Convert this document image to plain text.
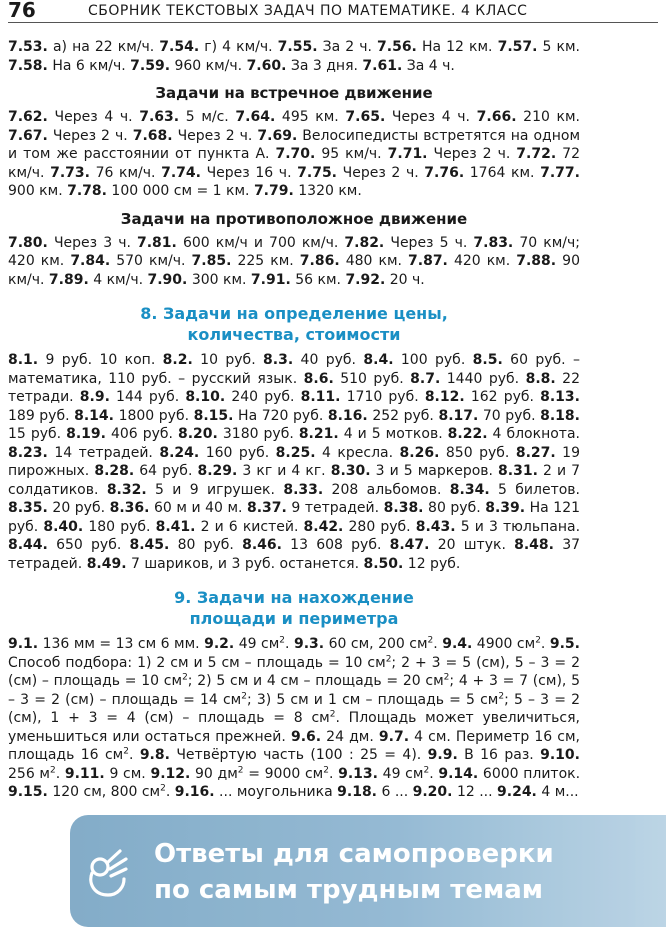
76	СБОРНИК ТЕКСТОВЫХ ЗАДАЧ ПО МАТЕМАТИКЕ. 4 КЛАСС

7.53. а) на 22 км/ч. 7.54. г) 4 км/ч. 7.55. За 2 ч. 7.56. На 12 км. 7.57. 5 км. 7.58. На 6 км/ч. 7.59. 960 км/ч. 7.60. За 3 дня. 7.61. За 4 ч.

Задачи на встречное движение

7.62. Через 4 ч. 7.63. 5 м/с. 7.64. 495 км. 7.65. Через 4 ч. 7.66. 210 км. 7.67. Через 2 ч. 7.68. Через 2 ч. 7.69. Велосипедисты встретятся на одном и том же расстоянии от пункта А. 7.70. 95 км/ч. 7.71. Через 2 ч. 7.72. 72 км/ч. 7.73. 76 км/ч. 7.74. Через 16 ч. 7.75. Через 2 ч. 7.76. 1764 км. 7.77. 900 км. 7.78. 100 000 см = 1 км. 7.79. 1320 км.

Задачи на противоположное движение

7.80. Через 3 ч. 7.81. 600 км/ч и 700 км/ч. 7.82. Через 5 ч. 7.83. 70 км/ч; 420 км. 7.84. 570 км/ч. 7.85. 225 км. 7.86. 480 км. 7.87. 420 км. 7.88. 90 км/ч. 7.89. 4 км/ч. 7.90. 300 км. 7.91. 56 км. 7.92. 20 ч.

8. Задачи на определение цены,
количества, стоимости

8.1. 9 руб. 10 коп. 8.2. 10 руб. 8.3. 40 руб. 8.4. 100 руб. 8.5. 60 руб. – математика, 110 руб. – русский язык. 8.6. 510 руб. 8.7. 1440 руб. 8.8. 22 тетради. 8.9. 144 руб. 8.10. 240 руб. 8.11. 1710 руб. 8.12. 162 руб. 8.13. 189 руб. 8.14. 1800 руб. 8.15. На 720 руб. 8.16. 252 руб. 8.17. 70 руб. 8.18. 15 руб. 8.19. 406 руб. 8.20. 3180 руб. 8.21. 4 и 5 мотков. 8.22. 4 блокнота. 8.23. 14 тетрадей. 8.24. 160 руб. 8.25. 4 кресла. 8.26. 850 руб. 8.27. 19 пирожных. 8.28. 64 руб. 8.29. 3 кг и 4 кг. 8.30. 3 и 5 маркеров. 8.31. 2 и 7 солдатиков. 8.32. 5 и 9 игрушек. 8.33. 208 альбомов. 8.34. 5 билетов. 8.35. 20 руб. 8.36. 60 м и 40 м. 8.37. 9 тетрадей. 8.38. 80 руб. 8.39. На 121 руб. 8.40. 180 руб. 8.41. 2 и 6 кистей. 8.42. 280 руб. 8.43. 5 и 3 тюльпана. 8.44. 650 руб. 8.45. 80 руб. 8.46. 13 608 руб. 8.47. 20 штук. 8.48. 37 тетрадей. 8.49. 7 шариков, и 3 руб. останется. 8.50. 12 руб.

9. Задачи на нахождение
площади и периметра

9.1. 136 мм = 13 см 6 мм. 9.2. 49 $см^2$. 9.3. 60 см, 200 $см^2$. 9.4. 4900 $см^2$. 9.5. Способ подбора: 1) 2 см и 5 см – площадь = 10 $см^2$; 2 + 3 = 5 (см), 5 – 3 = 2 (см) – площадь = 10 $см^2$; 2) 5 см и 4 см – площадь = 20 $см^2$; 4 + 3 = 7 (см), 5 – 3 = 2 (см) – площадь = 14 $см^2$; 3) 5 см и 1 см – площадь = 5 $см^2$; 5 – 3 = 2 (см), 1 + 3 = 4 (см) – площадь = 8 $см^2$. Площадь может увеличиться, уменьшиться или остаться прежней. 9.6. 24 дм. 9.7. 4 см. Периметр 16 см, площадь 16 $см^2$. 9.8. Четвёртую часть (100 : 25 = 4). 9.9. В 16 раз. 9.10. 256 $м^2$. 9.11. 9 см. 9.12. 90 $дм^2 = 9000$ $см^2$. 9.13. 49 $см^2$. 9.14. 6000 плиток. 9.15. 120 см, 800 $см^2$. 9.16. ... моугольника 9.18. 6 ... 9.20. 12 ... 9.24. 4 м...

Ответы для самопроверки
по самым трудным темам
